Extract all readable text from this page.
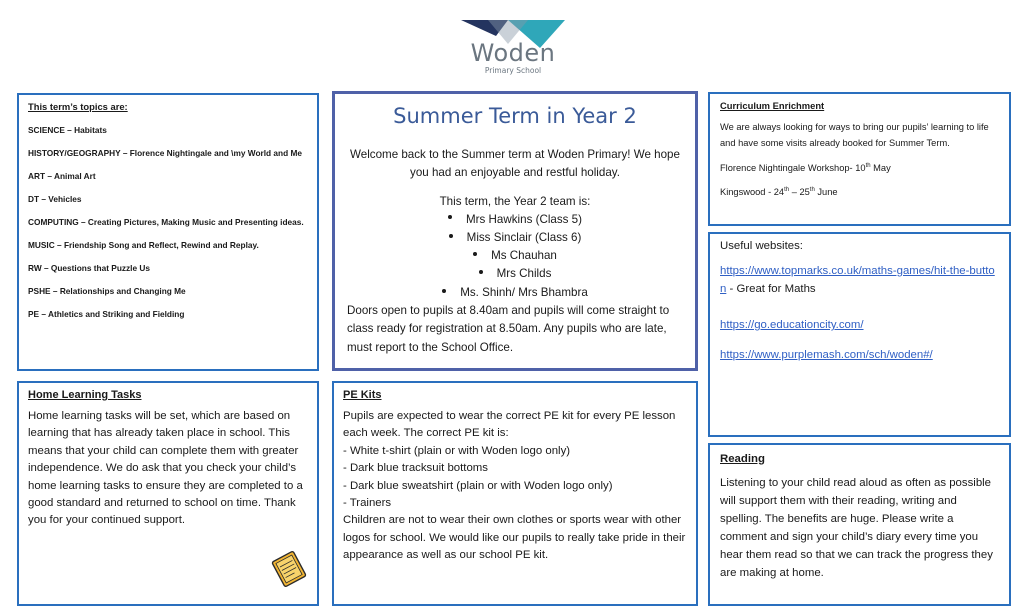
Woden
Primary School
This term’s topics are:
SCIENCE – Habitats
HISTORY/GEOGRAPHY – Florence Nightingale and \my World and Me
ART – Animal Art
DT – Vehicles
COMPUTING – Creating Pictures, Making Music and Presenting ideas.
MUSIC – Friendship Song and Reflect, Rewind and Replay.
RW – Questions that Puzzle Us
PSHE – Relationships and Changing Me
PE – Athletics and Striking and Fielding
Summer Term in Year 2
Welcome back to the Summer term at Woden Primary! We hope you had an enjoyable and restful holiday.
This term, the Year 2 team is:
Mrs Hawkins (Class 5)
Miss Sinclair (Class 6)
Ms Chauhan
Mrs Childs
Ms. Shinh/ Mrs Bhambra
Doors open to pupils at 8.40am and pupils will come straight to class ready for registration at 8.50am. Any pupils who are late, must report to the School Office.
Curriculum Enrichment
We are always looking for ways to bring our pupils’ learning to life and have some visits already booked for Summer Term.
Florence Nightingale Workshop- 10th May
Kingswood - 24th – 25th June
Useful websites:
https://www.topmarks.co.uk/maths-games/hit-the-button - Great for Maths
https://go.educationcity.com/
https://www.purplemash.com/sch/woden#/
Reading
Listening to your child read aloud as often as possible will support them with their reading, writing and spelling. The benefits are huge. Please write a comment and sign your child’s diary every time you hear them read so that we can track the progress they are making at home.
Home Learning Tasks
Home learning tasks will be set, which are based on learning that has already taken place in school. This means that your child can complete them with greater independence. We do ask that you check your child’s home learning tasks to ensure they are completed to a good standard and returned to school on time. Thank you for your continued support.
PE Kits
Pupils are expected to wear the correct PE kit for every PE lesson each week. The correct PE kit is:
- White t-shirt (plain or with Woden logo only)
- Dark blue tracksuit bottoms
- Dark blue sweatshirt (plain or with Woden logo only)
- Trainers
Children are not to wear their own clothes or sports wear with other logos for school. We would like our pupils to really take pride in their appearance as well as our school PE kit.
